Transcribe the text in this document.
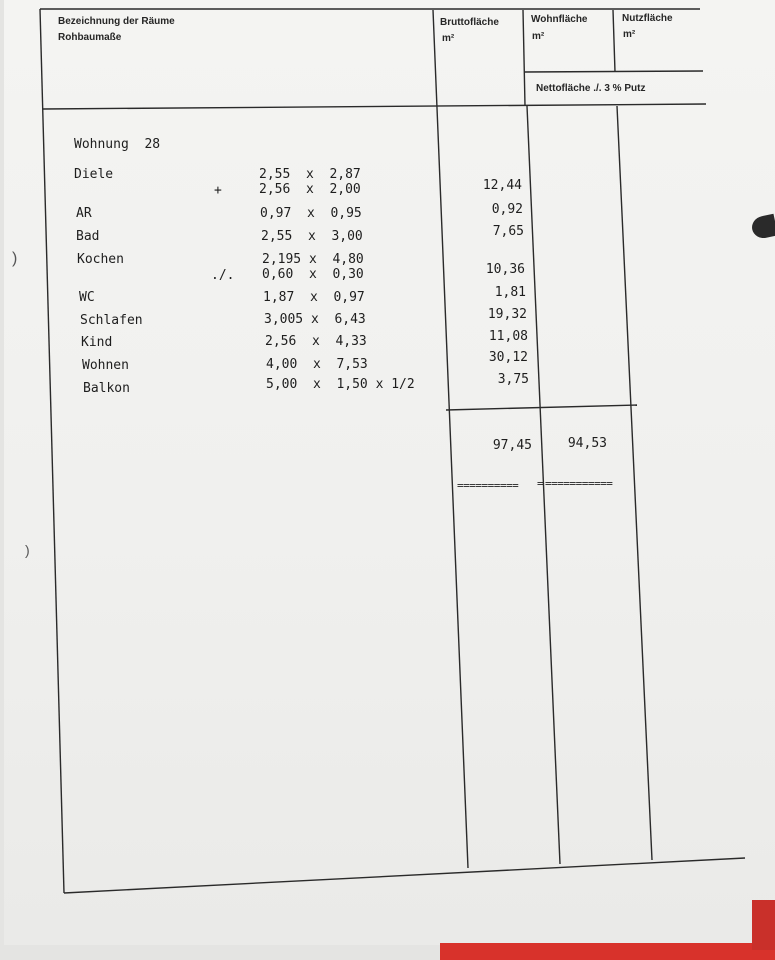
Bezeichnung der Räume
Rohbaumaße
Bruttofläche
m²
Wohnfläche
m²
Nutzfläche
m²
Nettofläche ./. 3 % Putz
Wohnung  28
Diele
AR
Bad
Kochen
WC
Schlafen
Kind
Wohnen
Balkon
+
./.
2,55  x  2,87
2,56  x  2,00
0,97  x  0,95
2,55  x  3,00
2,195 x  4,80
0,60  x  0,30
1,87  x  0,97
3,005 x  6,43
2,56  x  4,33
4,00  x  7,53
5,00  x  1,50 x 1/2
12,44
0,92
7,65
10,36
1,81
19,32
11,08
30,12
3,75
97,45	94,53
========== = ===========
)
)
